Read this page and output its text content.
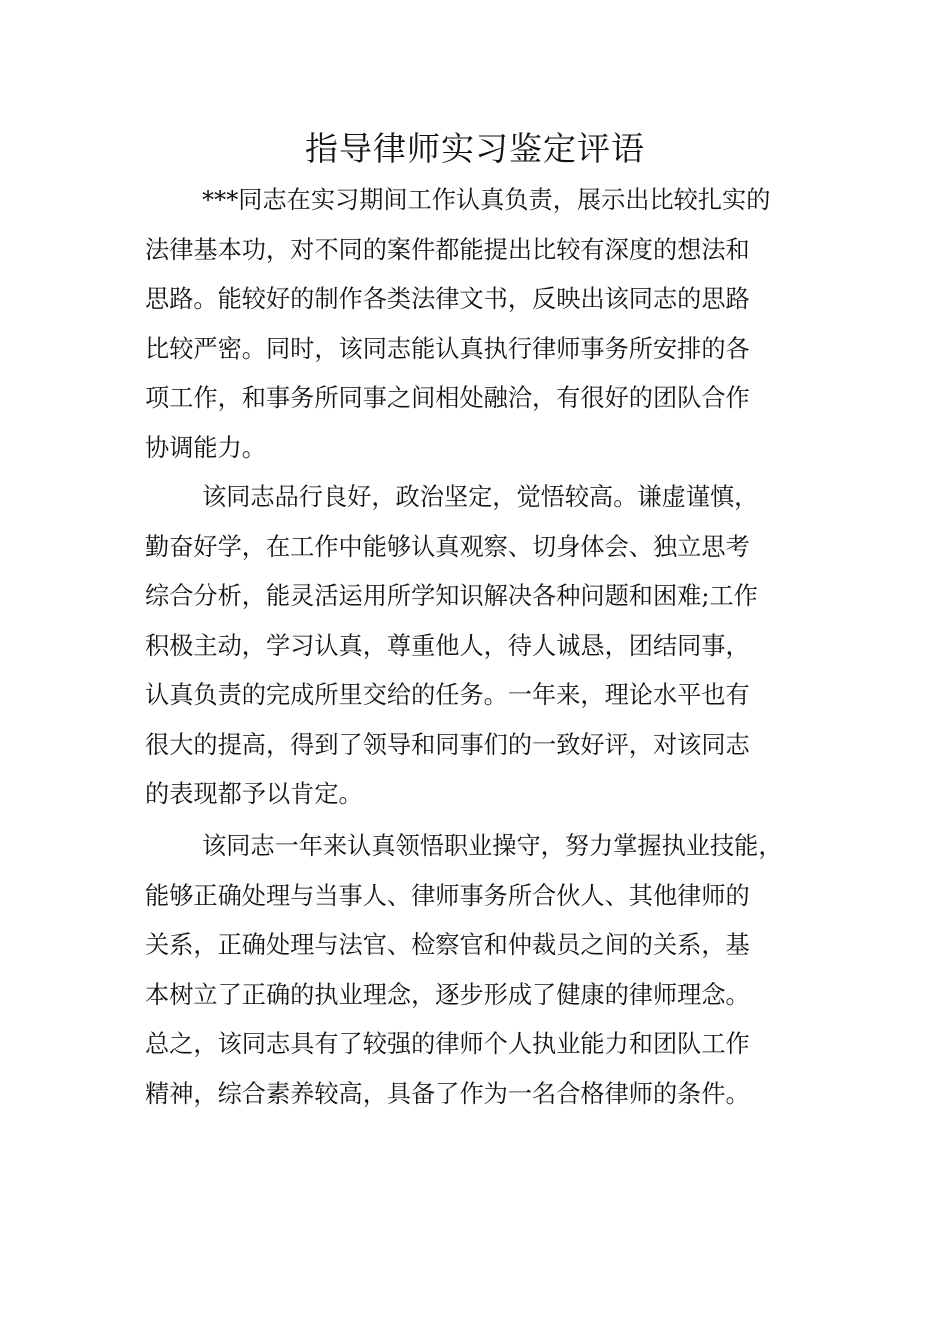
指导律师实习鉴定评语
***同志在实习期间工作认真负责，展示出比较扎实的
法律基本功，对不同的案件都能提出比较有深度的想法和
思路。能较好的制作各类法律文书，反映出该同志的思路
比较严密。同时，该同志能认真执行律师事务所安排的各
项工作，和事务所同事之间相处融洽，有很好的团队合作
协调能力。
该同志品行良好，政治坚定，觉悟较高。谦虚谨慎，
勤奋好学，在工作中能够认真观察、切身体会、独立思考
综合分析，能灵活运用所学知识解决各种问题和困难;工作
积极主动，学习认真，尊重他人，待人诚恳，团结同事，
认真负责的完成所里交给的任务。一年来，理论水平也有
很大的提高，得到了领导和同事们的一致好评，对该同志
的表现都予以肯定。
该同志一年来认真领悟职业操守，努力掌握执业技能，
能够正确处理与当事人、律师事务所合伙人、其他律师的
关系，正确处理与法官、检察官和仲裁员之间的关系，基
本树立了正确的执业理念，逐步形成了健康的律师理念。
总之，该同志具有了较强的律师个人执业能力和团队工作
精神，综合素养较高，具备了作为一名合格律师的条件。
